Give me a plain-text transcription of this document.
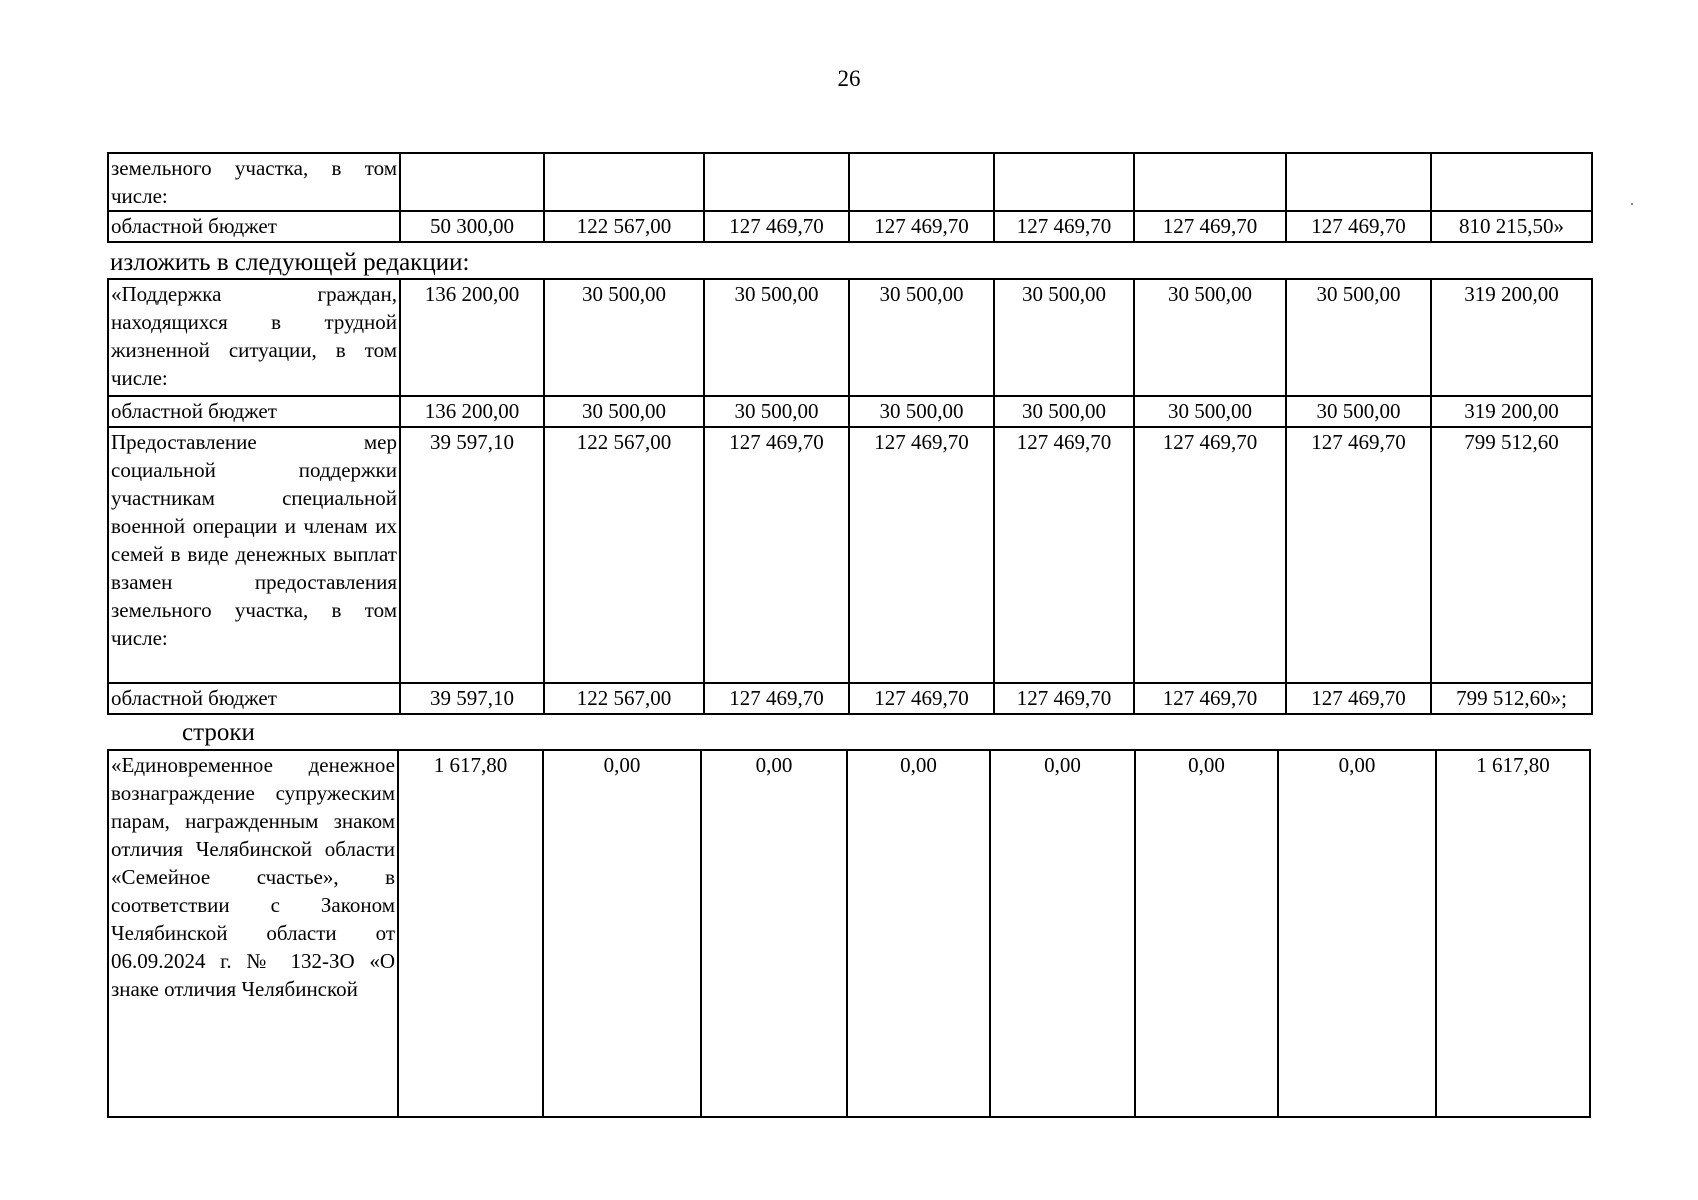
26
земельного участка, в том числе:								
областной бюджет	50 300,00	122 567,00	127 469,70	127 469,70	127 469,70	127 469,70	127 469,70	810 215,50»
изложить в следующей редакции:
«Поддержка граждан, находящихся в трудной жизненной ситуации, в том числе:	136 200,00	30 500,00	30 500,00	30 500,00	30 500,00	30 500,00	30 500,00	319 200,00
областной бюджет	136 200,00	30 500,00	30 500,00	30 500,00	30 500,00	30 500,00	30 500,00	319 200,00
Предоставление мер социальной поддержки участникам специальной военной операции и членам их семей в виде денежных выплат взамен предоставления земельного участка, в том числе:	39 597,10	122 567,00	127 469,70	127 469,70	127 469,70	127 469,70	127 469,70	799 512,60
областной бюджет	39 597,10	122 567,00	127 469,70	127 469,70	127 469,70	127 469,70	127 469,70	799 512,60»;
строки
«Единовременное денежное вознаграждение супружеским парам, награжденным знаком отличия Челябинской области «Семейное счастье», в соответствии с Законом Челябинской области от 06.09.2024 г. № 132-ЗО «О знаке отличия Челябинской	1 617,80	0,00	0,00	0,00	0,00	0,00	0,00	1 617,80
